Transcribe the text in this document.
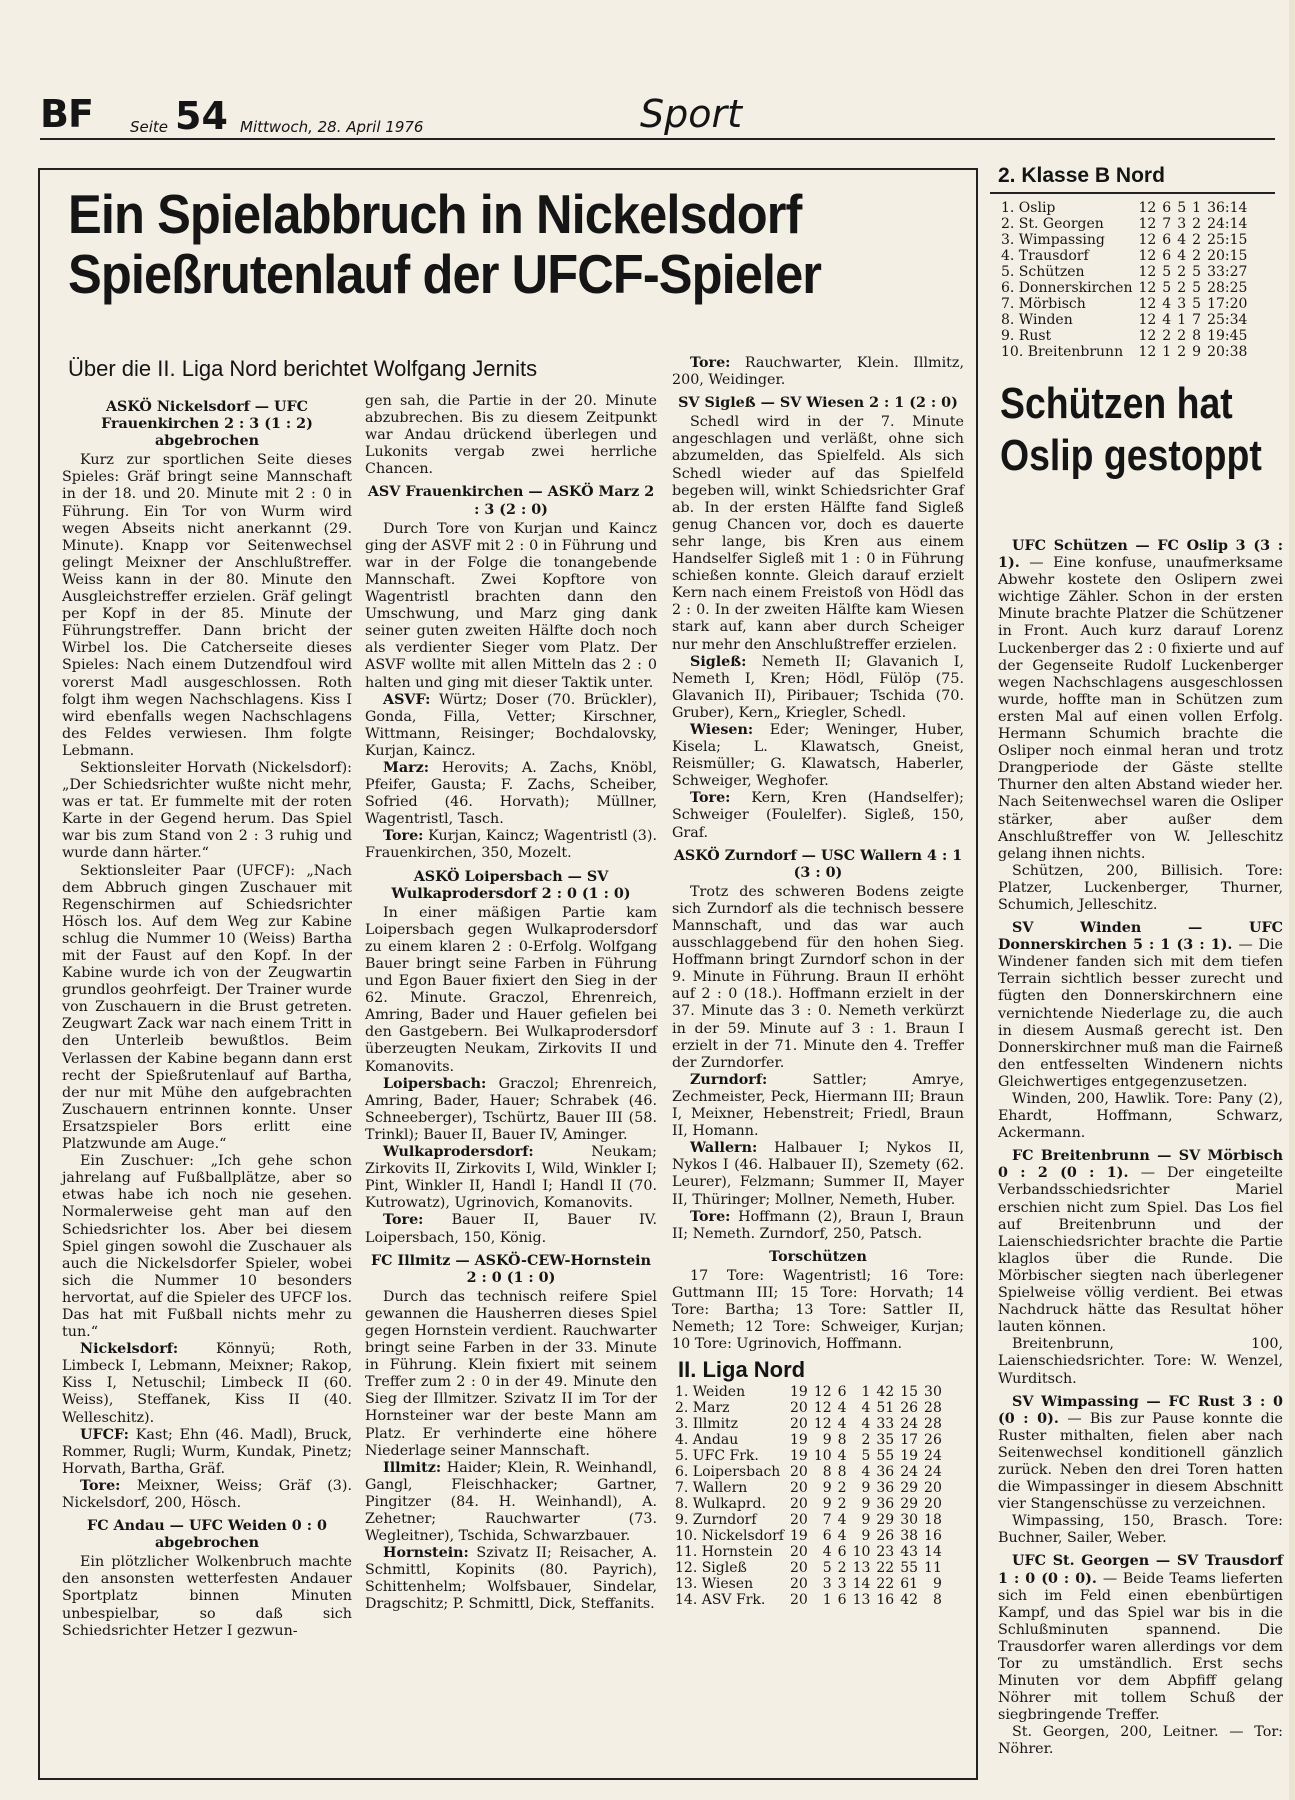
BF Seite 54 Mittwoch, 28. April 1976	Sport
Ein Spielabbruch in Nickelsdorf
Spießrutenlauf der UFCF-Spieler
Über die II. Liga Nord berichtet Wolfgang Jernits

ASKÖ Nickelsdorf — UFC Frauenkirchen 2 : 3 (1 : 2) abgebrochen

Kurz zur sportlichen Seite dieses Spieles: Gräf bringt seine Mannschaft in der 18. und 20. Minute mit 2 : 0 in Führung. Ein Tor von Wurm wird wegen Abseits nicht anerkannt (29. Minute). Knapp vor Seitenwechsel gelingt Meixner der Anschlußtreffer. Weiss kann in der 80. Minute den Ausgleichstreffer erzielen. Gräf gelingt per Kopf in der 85. Minute der Führungstreffer. Dann bricht der Wirbel los. Die Catcherseite dieses Spieles: Nach einem Dutzendfoul wird vorerst Madl ausgeschlossen. Roth folgt ihm wegen Nachschlagens. Kiss I wird ebenfalls wegen Nachschlagens des Feldes verwiesen. Ihm folgte Lebmann.

Sektionsleiter Horvath (Nickelsdorf): „Der Schiedsrichter wußte nicht mehr, was er tat. Er fummelte mit der roten Karte in der Gegend herum. Das Spiel war bis zum Stand von 2 : 3 ruhig und wurde dann härter.“

Sektionsleiter Paar (UFCF): „Nach dem Abbruch gingen Zuschauer mit Regenschirmen auf Schiedsrichter Hösch los. Auf dem Weg zur Kabine schlug die Nummer 10 (Weiss) Bartha mit der Faust auf den Kopf. In der Kabine wurde ich von der Zeugwartin grundlos geohrfeigt. Der Trainer wurde von Zuschauern in die Brust getreten. Zeugwart Zack war nach einem Tritt in den Unterleib bewußtlos. Beim Verlassen der Kabine begann dann erst recht der Spießrutenlauf auf Bartha, der nur mit Mühe den aufgebrachten Zuschauern entrinnen konnte. Unser Ersatzspieler Bors erlitt eine Platzwunde am Auge.“

Ein Zuschuer: „Ich gehe schon jahrelang auf Fußballplätze, aber so etwas habe ich noch nie gesehen. Normalerweise geht man auf den Schiedsrichter los. Aber bei diesem Spiel gingen sowohl die Zuschauer als auch die Nickelsdorfer Spieler, wobei sich die Nummer 10 besonders hervortat, auf die Spieler des UFCF los. Das hat mit Fußball nichts mehr zu tun.“

Nickelsdorf:	Könnyü; Roth, Limbeck I, Lebmann, Meixner; Rakop, Kiss I, Netuschil; Limbeck II (60. Weiss), Steffanek, Kiss II (40. Welleschitz).

UFCF: Kast; Ehn (46. Madl), Bruck, Rommer, Rugli; Wurm, Kundak, Pinetz; Horvath, Bartha, Gräf.

Tore: Meixner, Weiss; Gräf (3). Nickelsdorf, 200, Hösch.

FC Andau — UFC Weiden 0 : 0 abgebrochen

Ein plötzlicher Wolkenbruch machte den ansonsten wetterfesten Andauer Sportplatz binnen Minuten unbespielbar, so daß sich Schiedsrichter Hetzer I gezwun-

gen sah, die Partie in der 20. Minute abzubrechen. Bis zu diesem Zeitpunkt war Andau drückend überlegen und Lukonits vergab zwei herrliche Chancen.

ASV Frauenkirchen — ASKÖ Marz 2 : 3 (2 : 0)

Durch Tore von Kurjan und Kaincz ging der ASVF mit 2 : 0 in Führung und war in der Folge die tonangebende Mannschaft. Zwei Kopftore von Wagentristl brachten dann den Umschwung, und Marz ging dank seiner guten zweiten Hälfte doch noch als verdienter Sieger vom Platz. Der ASVF wollte mit allen Mitteln das 2 : 0 halten und ging mit dieser Taktik unter.

ASVF: Würtz; Doser (70. Brückler), Gonda, Filla, Vetter; Kirschner, Wittmann, Reisinger; Bochdalovsky, Kurjan, Kaincz.

Marz: Herovits; A. Zachs, Knöbl, Pfeifer, Gausta; F. Zachs, Scheiber, Sofried (46. Horvath); Müllner, Wagentristl, Tasch.

Tore: Kurjan, Kaincz; Wagentristl (3). Frauenkirchen, 350, Mozelt.

ASKÖ Loipersbach — SV Wulkaprodersdorf 2 : 0 (1 : 0)

In einer mäßigen Partie kam Loipersbach gegen Wulkaprodersdorf zu einem klaren 2 : 0-Erfolg. Wolfgang Bauer bringt seine Farben in Führung und Egon Bauer fixiert den Sieg in der 62. Minute. Graczol, Ehrenreich, Amring, Bader und Hauer gefielen bei den Gastgebern. Bei Wulkaprodersdorf überzeugten Neukam, Zirkovits II und Komanovits.

Loipersbach: Graczol; Ehrenreich, Amring, Bader, Hauer; Schrabek (46. Schneeberger), Tschürtz, Bauer III (58. Trinkl); Bauer II, Bauer IV, Aminger.

Wulkaprodersdorf:	Neukam; Zirkovits II, Zirkovits I, Wild, Winkler I; Pint, Winkler II, Handl I; Handl II (70. Kutrowatz), Ugrinovich, Komanovits.

Tore: Bauer II, Bauer IV. Loipersbach, 150, König.

FC Illmitz — ASKÖ-CEW-Hornstein 2 : 0 (1 : 0)

Durch das technisch reifere Spiel gewannen die Hausherren dieses Spiel gegen Hornstein verdient. Rauchwarter bringt seine Farben in der 33. Minute in Führung. Klein fixiert mit seinem Treffer zum 2 : 0 in der 49. Minute den Sieg der Illmitzer. Szivatz II im Tor der Hornsteiner war der beste Mann am Platz. Er verhinderte eine höhere Niederlage seiner Mannschaft.

Illmitz: Haider; Klein, R. Weinhandl, Gangl, Fleischhacker; Gartner, Pingitzer (84. H. Weinhandl), A. Zehetner; Rauchwarter (73. Wegleitner), Tschida, Schwarzbauer.

Hornstein: Szivatz II; Reisacher, A. Schmittl, Kopinits (80. Payrich), Schittenhelm; Wolfsbauer, Sindelar, Dragschitz; P. Schmittl, Dick, Steffanits.

Tore: Rauchwarter, Klein. Illmitz, 200, Weidinger.

SV Sigleß — SV Wiesen 2 : 1 (2 : 0)

Schedl wird in der 7. Minute angeschlagen und verläßt, ohne sich abzumelden, das Spielfeld. Als sich Schedl wieder auf das Spielfeld begeben will, winkt Schiedsrichter Graf ab. In der ersten Hälfte fand Sigleß genug Chancen vor, doch es dauerte sehr lange, bis Kren aus einem Handselfer Sigleß mit 1 : 0 in Führung schießen konnte. Gleich darauf erzielt Kern nach einem Freistoß von Hödl das 2 : 0. In der zweiten Hälfte kam Wiesen stark auf, kann aber durch Scheiger nur mehr den Anschlußtreffer erzielen.

Sigleß: Nemeth II; Glavanich I, Nemeth I, Kren; Hödl, Fülöp (75. Glavanich II), Piribauer; Tschida (70. Gruber), Kern„ Kriegler, Schedl.

Wiesen: Eder; Weninger, Huber, Kisela; L. Klawatsch, Gneist, Reismüller; G. Klawatsch, Haberler, Schweiger, Weghofer.

Tore: Kern, Kren (Handselfer); Schweiger (Foulelfer). Sigleß, 150, Graf.

ASKÖ Zurndorf — USC Wallern 4 : 1 (3 : 0)

Trotz des schweren Bodens zeigte sich Zurndorf als die technisch bessere Mannschaft, und das war auch ausschlaggebend für den hohen Sieg. Hoffmann bringt Zurndorf schon in der 9. Minute in Führung. Braun II erhöht auf 2 : 0 (18.). Hoffmann erzielt in der 37. Minute das 3 : 0. Nemeth verkürzt in der 59. Minute auf 3 : 1. Braun I erzielt in der 71. Minute den 4. Treffer der Zurndorfer.

Zurndorf:	Sattler; Amrye, Zechmeister, Peck, Hiermann III; Braun I, Meixner, Hebenstreit; Friedl, Braun II, Homann.

Wallern: Halbauer I; Nykos II, Nykos I (46. Halbauer II), Szemety (62. Leurer), Felzmann; Summer II, Mayer II, Thüringer; Mollner, Nemeth, Huber.

Tore: Hoffmann (2), Braun I, Braun II; Nemeth. Zurndorf, 250, Patsch.

Torschützen

17 Tore: Wagentristl; 16 Tore: Guttmann III; 15 Tore: Horvath; 14 Tore: Bartha; 13 Tore: Sattler II, Nemeth; 12 Tore: Schweiger, Kurjan; 10 Tore: Ugrinovich, Hoffmann.

II. Liga Nord
1. Weiden	19	12	6	1	42	15	30
2. Marz	20	12	4	4	51	26	28
3. Illmitz	20	12	4	4	33	24	28
4. Andau	19	9	8	2	35	17	26
5. UFC Frk.	19	10	4	5	55	19	24
6. Loipersbach	20	8	8	4	36	24	24
7. Wallern	20	9	2	9	36	29	20
8. Wulkaprd.	20	9	2	9	36	29	20
9. Zurndorf	20	7	4	9	29	30	18
10. Nickelsdorf	19	6	4	9	26	38	16
11. Hornstein	20	4	6	10	23	43	14
12. Sigleß	20	5	2	13	22	55	11
13. Wiesen	20	3	3	14	22	61	9
14. ASV Frk.	20	1	6	13	16	42	8
2. Klasse B Nord
1. Oslip	12	6	5	1	36:14
2. St. Georgen	12	7	3	2	24:14
3. Wimpassing	12	6	4	2	25:15
4. Trausdorf	12	6	4	2	20:15
5. Schützen	12	5	2	5	33:27
6. Donnerskirchen	12	5	2	5	28:25
7. Mörbisch	12	4	3	5	17:20
8. Winden	12	4	1	7	25:34
9. Rust	12	2	2	8	19:45
10. Breitenbrunn	12	1	2	9	20:38
Schützen hat
Oslip gestoppt

UFC Schützen — FC Oslip 3 (3 : 1). — Eine konfuse, unaufmerksame Abwehr kostete den Oslipern zwei wichtige Zähler. Schon in der ersten Minute brachte Platzer die Schützener in Front. Auch kurz darauf Lorenz Luckenberger das 2 : 0 fixierte und auf der Gegenseite Rudolf Luckenberger wegen Nachschlagens ausgeschlossen wurde, hoffte man in Schützen zum ersten Mal auf einen vollen Erfolg. Hermann Schumich brachte die Osliper noch einmal heran und trotz Drangperiode der Gäste stellte Thurner den alten Abstand wieder her. Nach Seitenwechsel waren die Osliper stärker, aber außer dem Anschlußtreffer von W. Jelleschitz gelang ihnen nichts.

Schützen, 200, Billisich. Tore: Platzer, Luckenberger, Thurner, Schumich, Jelleschitz.

SV Winden — UFC Donnerskirchen 5 : 1 (3 : 1). — Die Windener fanden sich mit dem tiefen Terrain sichtlich besser zurecht und fügten den Donnerskirchnern eine vernichtende Niederlage zu, die auch in diesem Ausmaß gerecht ist. Den Donnerskirchner muß man die Fairneß den entfesselten Windenern nichts Gleichwertiges entgegenzusetzen.

Winden, 200, Hawlik. Tore: Pany (2), Ehardt, Hoffmann, Schwarz, Ackermann.

FC Breitenbrunn — SV Mörbisch 0 : 2 (0 : 1). — Der eingeteilte Verbandsschiedsrichter Mariel erschien nicht zum Spiel. Das Los fiel auf Breitenbrunn und der Laienschiedsrichter brachte die Partie klaglos über die Runde. Die Mörbischer siegten nach überlegener Spielweise völlig verdient. Bei etwas Nachdruck hätte das Resultat höher lauten können.

Breitenbrunn, 100, Laienschiedsrichter. Tore: W. Wenzel, Wurditsch.

SV Wimpassing — FC Rust 3 : 0 (0 : 0). — Bis zur Pause konnte die Ruster mithalten, fielen aber nach Seitenwechsel konditionell gänzlich zurück. Neben den drei Toren hatten die Wimpassinger in diesem Abschnitt vier Stangenschüsse zu verzeichnen.

Wimpassing, 150, Brasch. Tore: Buchner, Sailer, Weber.

UFC St. Georgen — SV Trausdorf 1 : 0 (0 : 0). — Beide Teams lieferten sich im Feld einen ebenbürtigen Kampf, und das Spiel war bis in die Schlußminuten spannend. Die Trausdorfer waren allerdings vor dem Tor zu umständlich. Erst sechs Minuten vor dem Abpfiff gelang Nöhrer mit tollem Schuß der siegbringende Treffer.

St. Georgen, 200, Leitner. — Tor: Nöhrer.
